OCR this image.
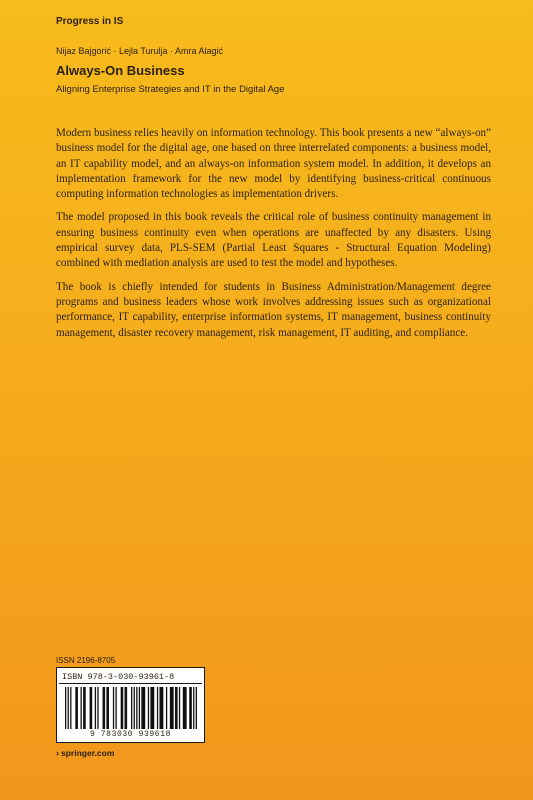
Progress in IS
Nijaz Bajgorić · Lejla Turulja · Amra Alagić
Always-On Business
Aligning Enterprise Strategies and IT in the Digital Age

Modern business relies heavily on information technology. This book presents a new “always-on” business model for the digital age, one based on three interrelated components: a business model, an IT capability model, and an always-on information system model. In addition, it develops an implementation framework for the new model by identifying business-critical continuous computing information technologies as implementation drivers.

The model proposed in this book reveals the critical role of business continuity management in ensuring business continuity even when operations are unaffected by any disasters. Using empirical survey data, PLS-SEM (Partial Least Squares - Structural Equation Modeling) combined with mediation analysis are used to test the model and hypotheses.

The book is chiefly intended for students in Business Administration/Management degree programs and business leaders whose work involves addressing issues such as organizational performance, IT capability, enterprise information systems, IT management, business continuity management, disaster recovery management, risk management, IT auditing, and compliance.

ISSN 2196-8705
ISBN 978-3-030-93961-8
9 783030 939618
› springer.com
